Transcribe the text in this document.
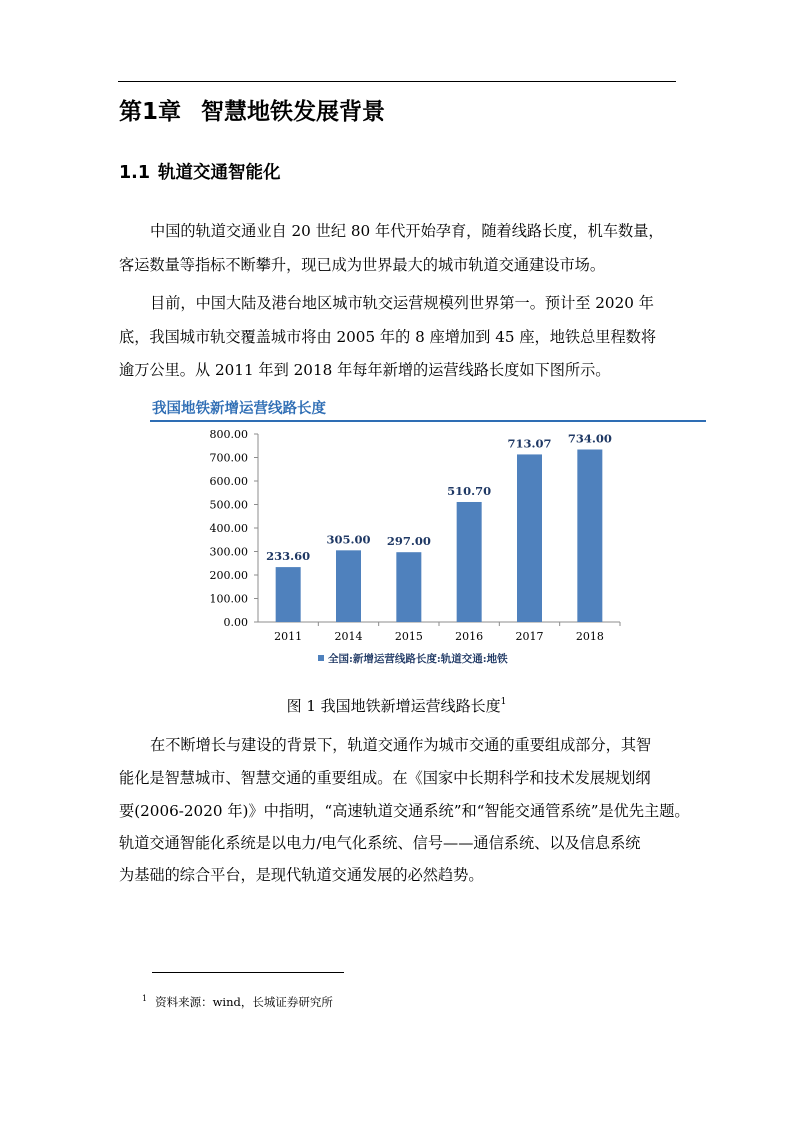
第1章 智慧地铁发展背景
1.1 轨道交通智能化

中国的轨道交通业自 20 世纪 80 年代开始孕育，随着线路长度，机车数量，

客运数量等指标不断攀升，现已成为世界最大的城市轨道交通建设市场。

目前，中国大陆及港台地区城市轨交运营规模列世界第一。预计至 2020 年

底，我国城市轨交覆盖城市将由 2005 年的 8 座增加到 45 座，地铁总里程数将

逾万公里。从 2011 年到 2018 年每年新增的运营线路长度如下图所示。

我国地铁新增运营线路长度
0.00
100.00
200.00
300.00
400.00
500.00
600.00
700.00
800.00
233.60
2011
305.00
2014
297.00
2015
510.70
2016
713.07
2017
734.00
2018
全国:新增运营线路长度:轨道交通:地铁

图 1 我国地铁新增运营线路长度$^1$

在不断增长与建设的背景下，轨道交通作为城市交通的重要组成部分，其智

能化是智慧城市、智慧交通的重要组成。在《国家中长期科学和技术发展规划纲

要(2006-2020 年)》中指明，“高速轨道交通系统”和“智能交通管系统”是优先主题。

轨道交通智能化系统是以电力/电气化系统、信号——通信系统、以及信息系统

为基础的综合平台，是现代轨道交通发展的必然趋势。

$^1$ 资料来源：wind，长城证券研究所
